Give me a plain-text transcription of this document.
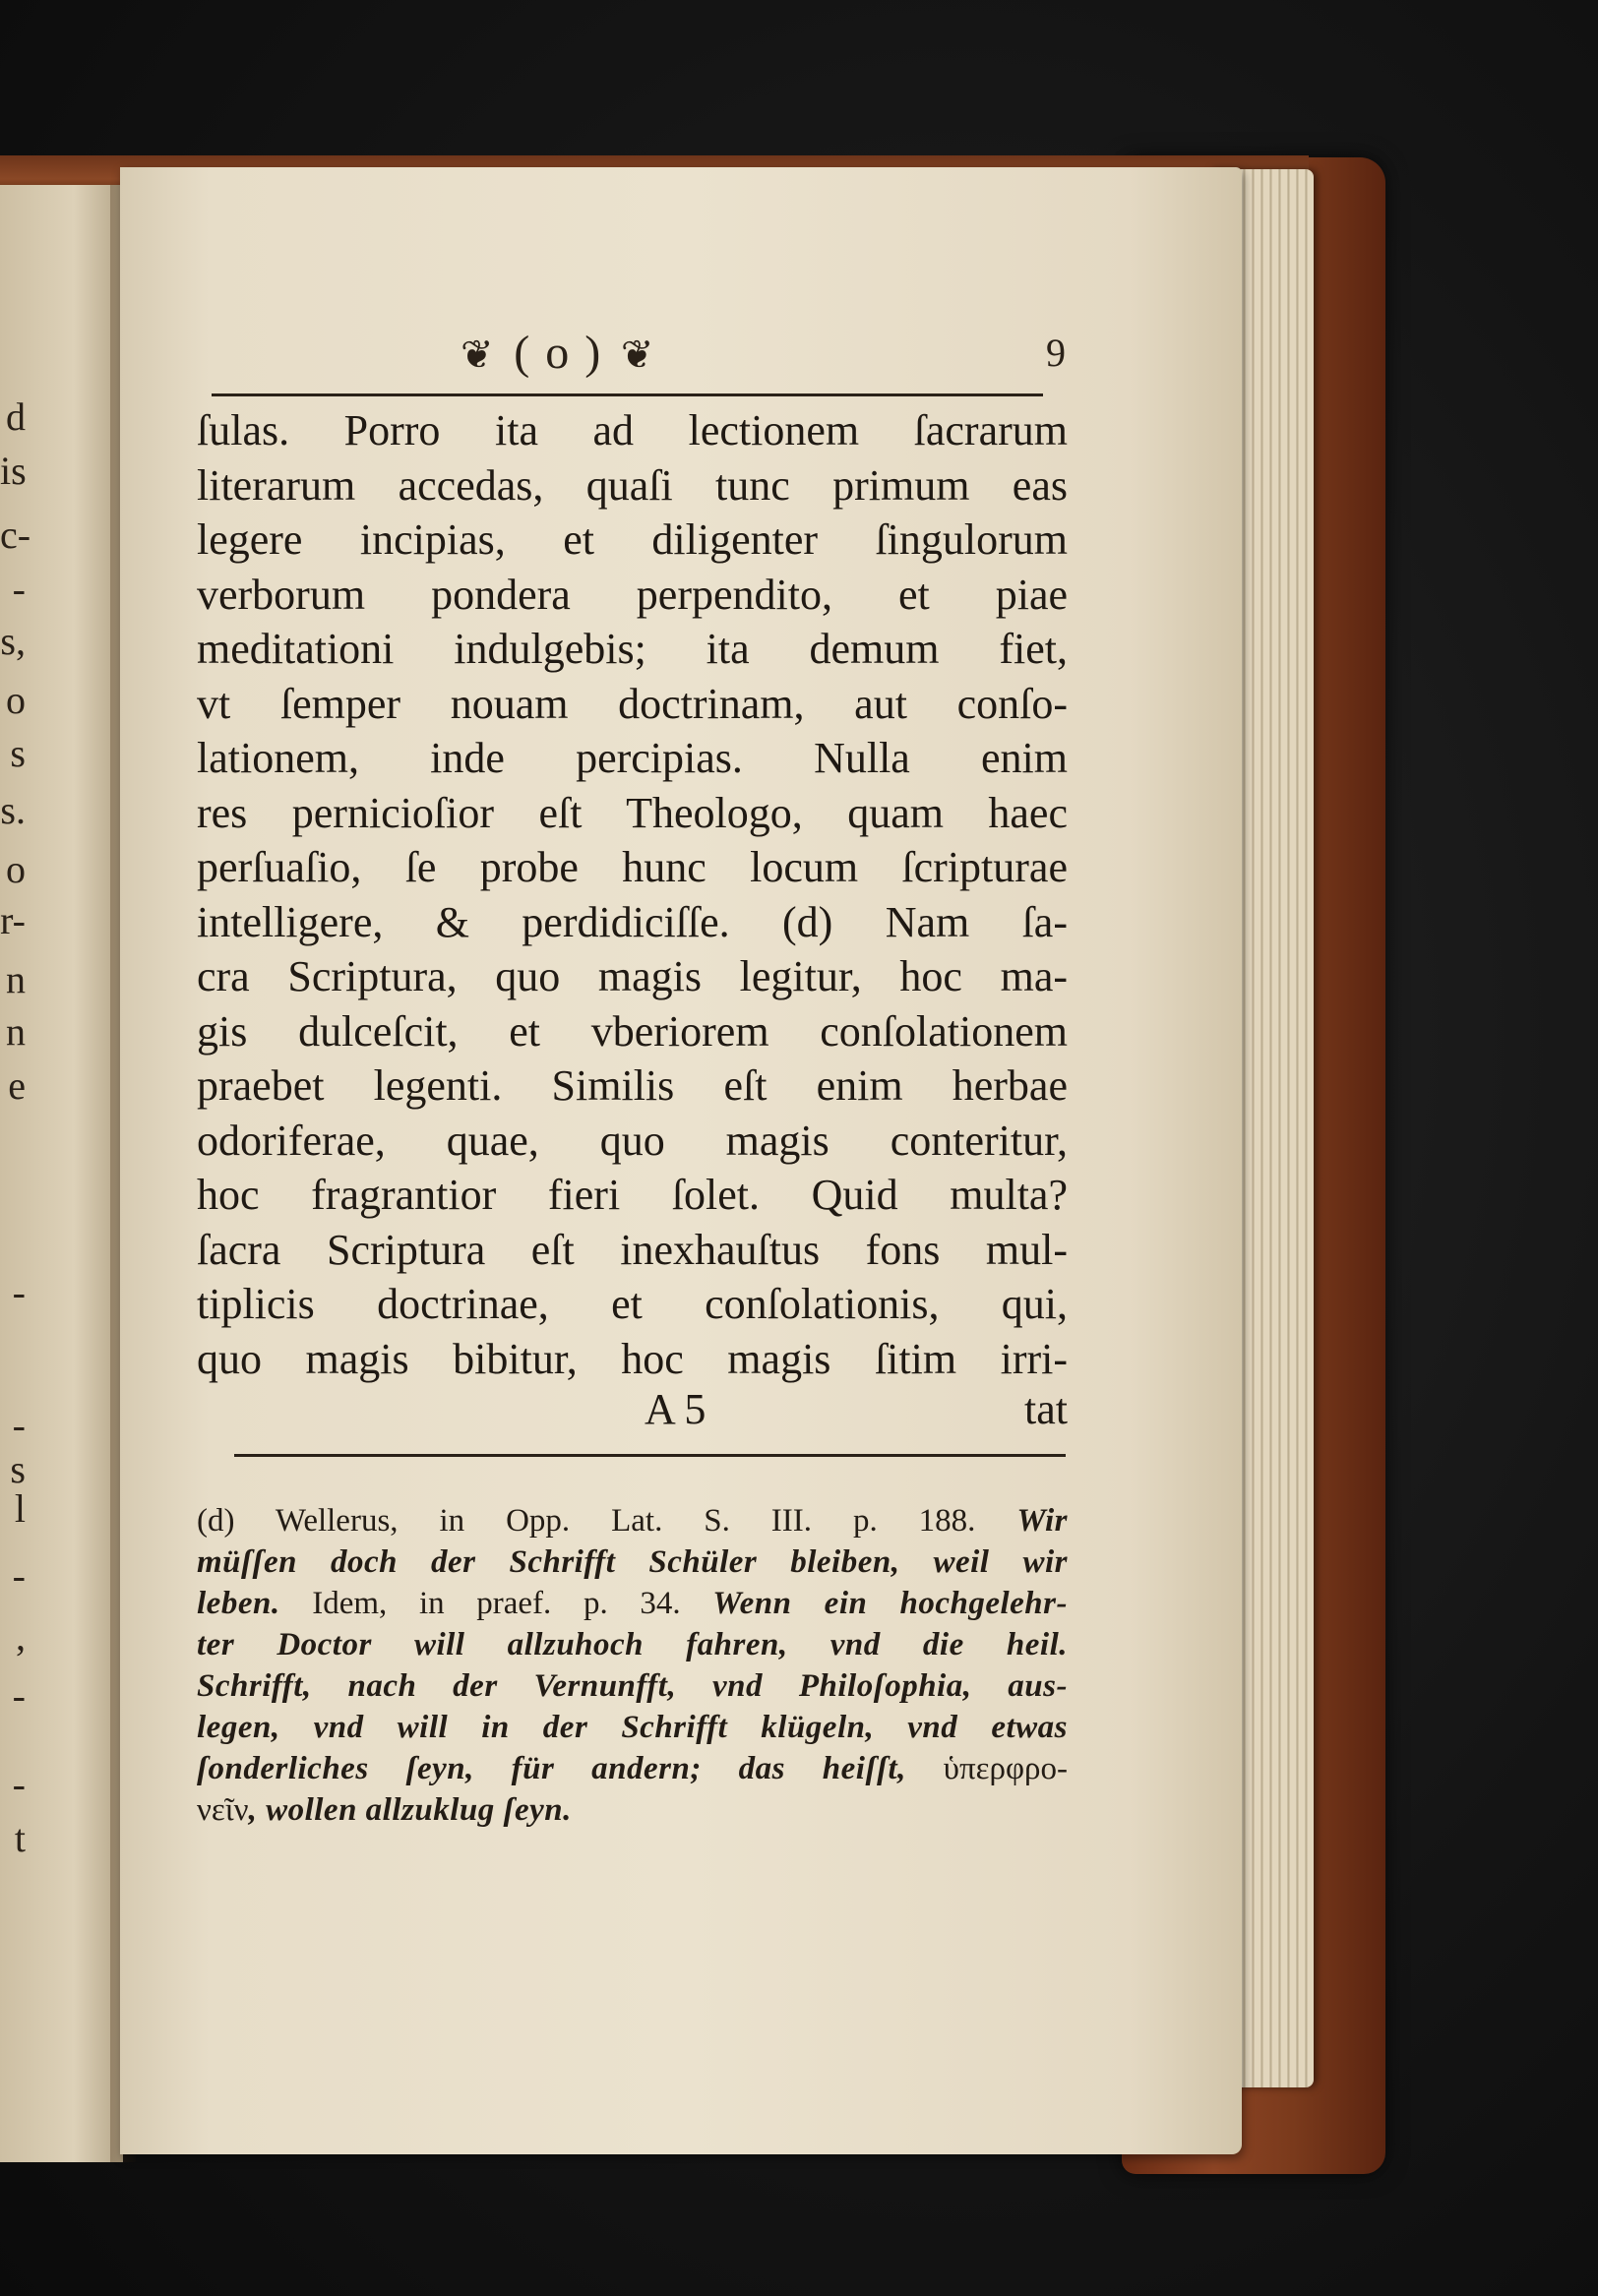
d
is
c-
-
s,
o
s
s.
o
r-
n
n
e
-
-
s
l
-
,
-
-
t
❦ ( o ) ❦	9
ſulas. Porro ita ad lectionem ſacrarum
literarum accedas, quaſi tunc primum eas
legere incipias, et diligenter ſingulorum
verborum pondera perpendito, et piae
meditationi indulgebis; ita demum fiet,
vt ſemper nouam doctrinam, aut conſo-
lationem, inde percipias. Nulla enim
res pernicioſior eſt Theologo, quam haec
perſuaſio, ſe probe hunc locum ſcripturae
intelligere, & perdidiciſſe. (d) Nam ſa-
cra Scriptura, quo magis legitur, hoc ma-
gis dulceſcit, et vberiorem conſolationem
praebet legenti. Similis eſt enim herbae
odoriferae, quae, quo magis conteritur,
hoc fragrantior fieri ſolet. Quid multa?
ſacra Scriptura eſt inexhauſtus fons mul-
tiplicis doctrinae, et conſolationis, qui,
quo magis bibitur, hoc magis ſitim irri-
A 5	tat
(d) Wellerus, in Opp. Lat. S. III. p. 188. Wir
müſſen doch der Schrifft Schüler bleiben, weil wir
leben. Idem, in praef. p. 34. Wenn ein hochgelehr-
ter Doctor will allzuhoch fahren, vnd die heil.
Schrifft, nach der Vernunfft, vnd Philoſophia, aus-
legen, vnd will in der Schrifft klügeln, vnd etwas
ſonderliches ſeyn, für andern; das heiſſt, ὑπερφρο-
νεῖν, wollen allzuklug ſeyn.
